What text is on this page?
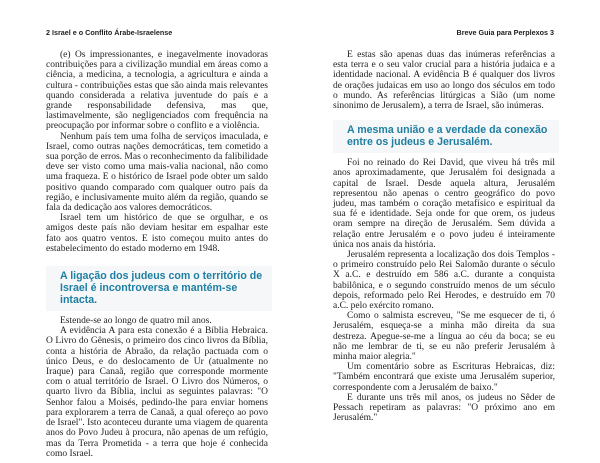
2 Israel e o Conflito Árabe-Israelense

(e) Os impressionantes, e inegavelmente inovadoras contribuições para a civilização mundial em áreas como a ciência, a medicina, a tecnologia, a agricultura e ainda a cultura - contribuições estas que são ainda mais relevantes quando considerada a relativa juventude do país e a grande responsabilidade defensiva, mas que, lastimavelmente, são negligenciados com frequência na preocupação por informar sobre o conflito e a violência.

Nenhum país tem uma folha de serviços imaculada, e Israel, como outras nações democráticas, tem cometido a sua porção de erros. Mas o reconhecimento da falibilidade deve ser visto como uma mais-valia nacional, não como uma fraqueza. E o histórico de Israel pode obter um saldo positivo quando comparado com qualquer outro país da região, e inclusivamente muito além da região, quando se fala da dedicação aos valores democráticos.

Israel tem um histórico de que se orgulhar, e os amigos deste país não deviam hesitar em espalhar este fato aos quatro ventos. E isto começou muito antes do estabelecimento do estado moderno em 1948.

A ligação dos judeus com o território de Israel é incontroversa e mantém-se intacta.

Estende-se ao longo de quatro mil anos.

A evidência A para esta conexão é a Bíblia Hebraica. O Livro do Gênesis, o primeiro dos cinco livros da Bíblia, conta a história de Abraão, da relação pactuada com o único Deus, e do deslocamento de Ur (atualmente no Iraque) para Canaã, região que corresponde mormente com o atual território de Israel. O Livro dos Números, o quarto livro da Bíblia, inclui as seguintes palavras: "O Senhor falou a Moisés, pedindo-lhe para enviar homens para explorarem a terra de Canaã, a qual ofereço ao povo de Israel". Isto aconteceu durante uma viagem de quarenta anos do Povo Judeu à procura, não apenas de um refúgio, mas da Terra Prometida - a terra que hoje é conhecida como Israel.

Breve Guia para Perplexos 3

E estas são apenas duas das inúmeras referências a esta terra e o seu valor crucial para a história judaica e a identidade nacional. A evidência B é qualquer dos livros de orações judaicas em uso ao longo dos séculos em todo o mundo. As referências litúrgicas a Sião (um nome sinonimo de Jerusalem), a terra de Israel, são inúmeras.

A mesma união e a verdade da conexão entre os judeus e Jerusalém.

Foi no reinado do Rei David, que viveu há três mil anos aproximadamente, que Jerusalém foi designada a capital de Israel. Desde aquela altura, Jerusalém representou não apenas o centro geográfico do povo judeu, mas também o coração metafísico e espiritual da sua fé e identidade. Seja onde for que orem, os judeus oram sempre na direção de Jerusalém. Sem dúvida a relação entre Jerusalém e o povo judeu é inteiramente única nos anais da história.

Jerusalém representa a localização dos dois Templos - o primeiro construído pelo Rei Salomão durante o século X a.C. e destruído em 586 a.C. durante a conquista babilônica, e o segundo construído menos de um século depois, reformado pelo Rei Herodes, e destruído em 70 a.C. pelo exército romano.

Como o salmista escreveu, "Se me esquecer de ti, ó Jerusalém, esqueça-se a minha mão direita da sua destreza. Apegue-se-me a língua ao céu da boca; se eu não me lembrar de ti, se eu não preferir Jerusalém à minha maior alegria."

Um comentário sobre as Escrituras Hebraicas, diz: "Também encontrará que existe uma Jerusalém superior, correspondente com a Jerusalém de baixo."

E durante uns três mil anos, os judeus no Sêder de Pessach repetiram as palavras: "O próximo ano em Jerusalém."
